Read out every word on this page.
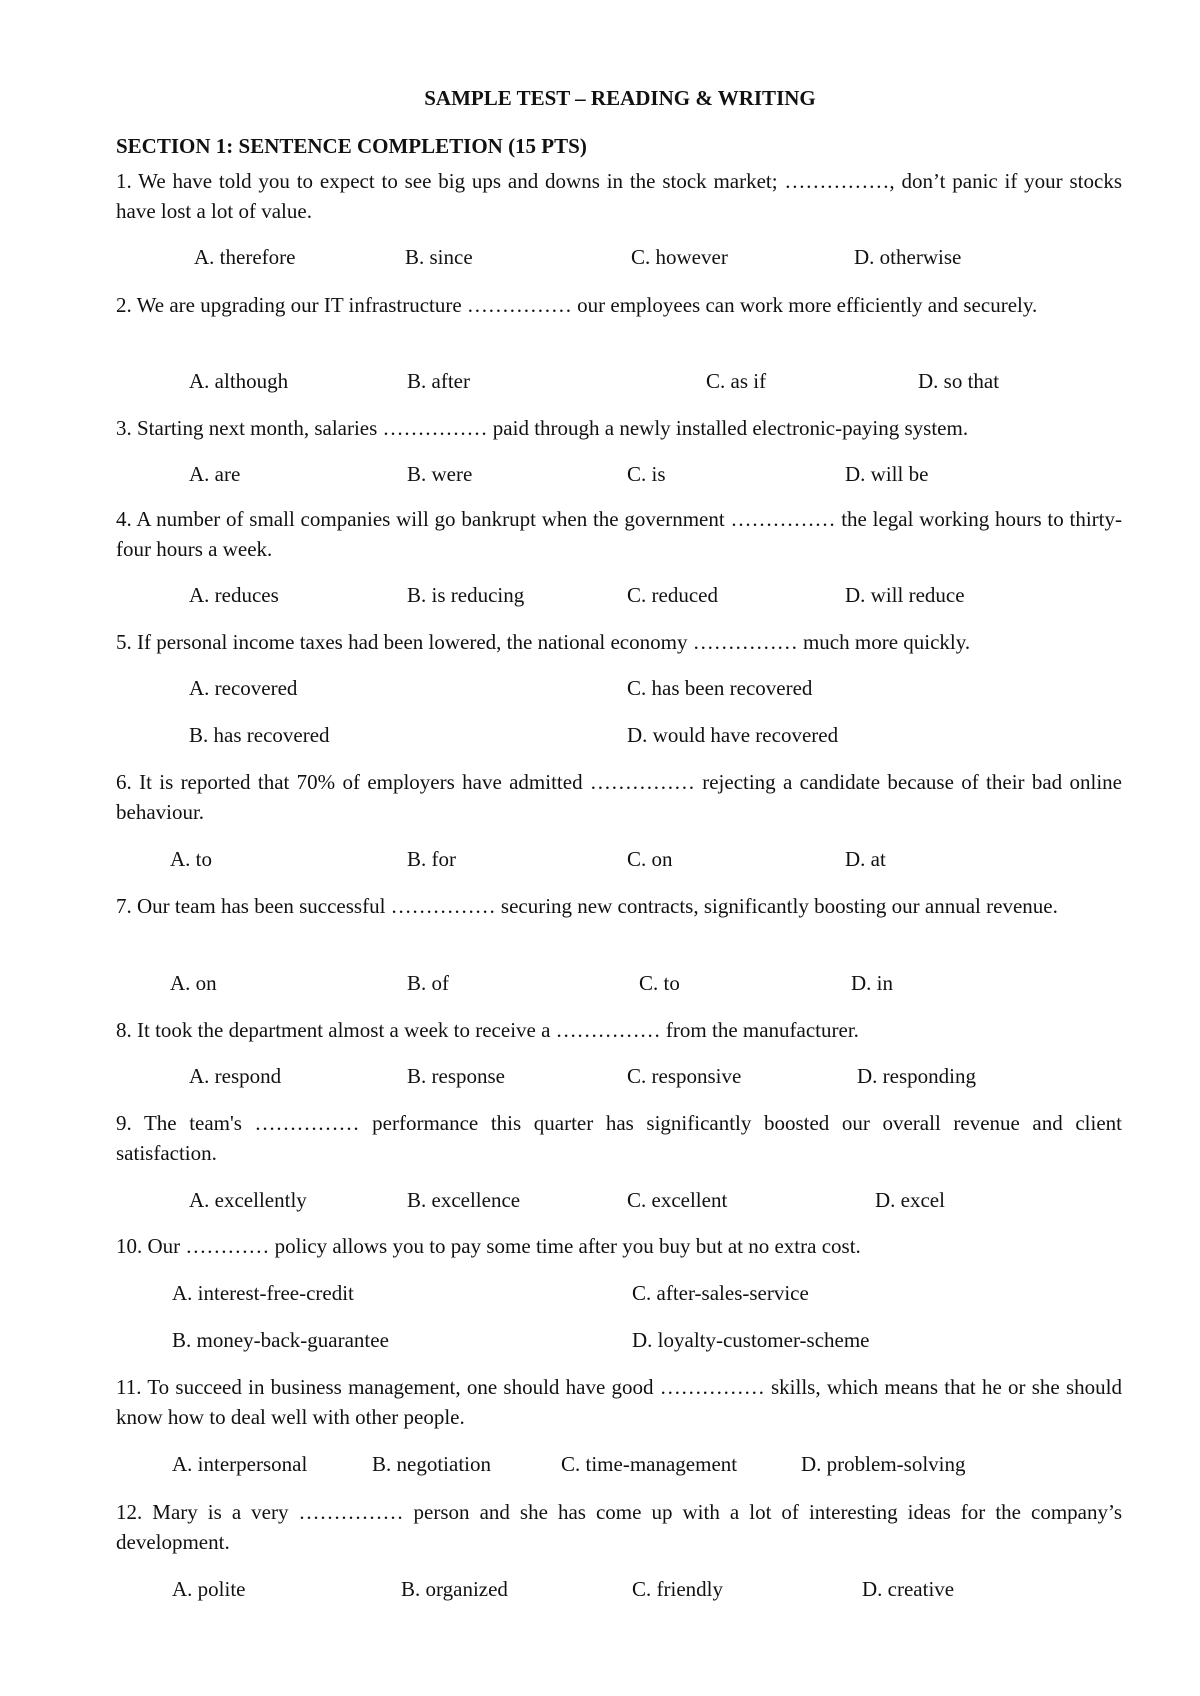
SAMPLE TEST – READING & WRITING
SECTION 1: SENTENCE COMPLETION (15 PTS)
1. We have told you to expect to see big ups and downs in the stock market; ……………, don’t panic if your stocks have lost a lot of value.
A. therefore	B. since	C. however	D. otherwise
2. We are upgrading our IT infrastructure …………… our employees can work more efficiently and securely.
A. although	B. after	C. as if	D. so that
3. Starting next month, salaries …………… paid through a newly installed electronic-paying system.
A. are	B. were	C. is	D. will be
4. A number of small companies will go bankrupt when the government …………… the legal working hours to thirty-four hours a week.
A. reduces	B. is reducing	C. reduced	D. will reduce
5. If personal income taxes had been lowered, the national economy …………… much more quickly.
A. recovered	C. has been recovered
B. has recovered	D. would have recovered
6. It is reported that 70% of employers have admitted …………… rejecting a candidate because of their bad online behaviour.
A. to	B. for	C. on	D. at
7. Our team has been successful …………… securing new contracts, significantly boosting our annual revenue.
A. on	B. of	C. to	D. in
8. It took the department almost a week to receive a …………… from the manufacturer.
A. respond	B. response	C. responsive	D. responding
9. The team's …………… performance this quarter has significantly boosted our overall revenue and client satisfaction.
A. excellently	B. excellence	C. excellent	D. excel
10. Our ………… policy allows you to pay some time after you buy but at no extra cost.
A. interest-free-credit	C. after-sales-service
B. money-back-guarantee	D. loyalty-customer-scheme
11. To succeed in business management, one should have good …………… skills, which means that he or she should know how to deal well with other people.
A. interpersonal	B. negotiation	C. time-management	D. problem-solving
12. Mary is a very …………… person and she has come up with a lot of interesting ideas for the company’s development.
A. polite	B. organized	C. friendly	D. creative
